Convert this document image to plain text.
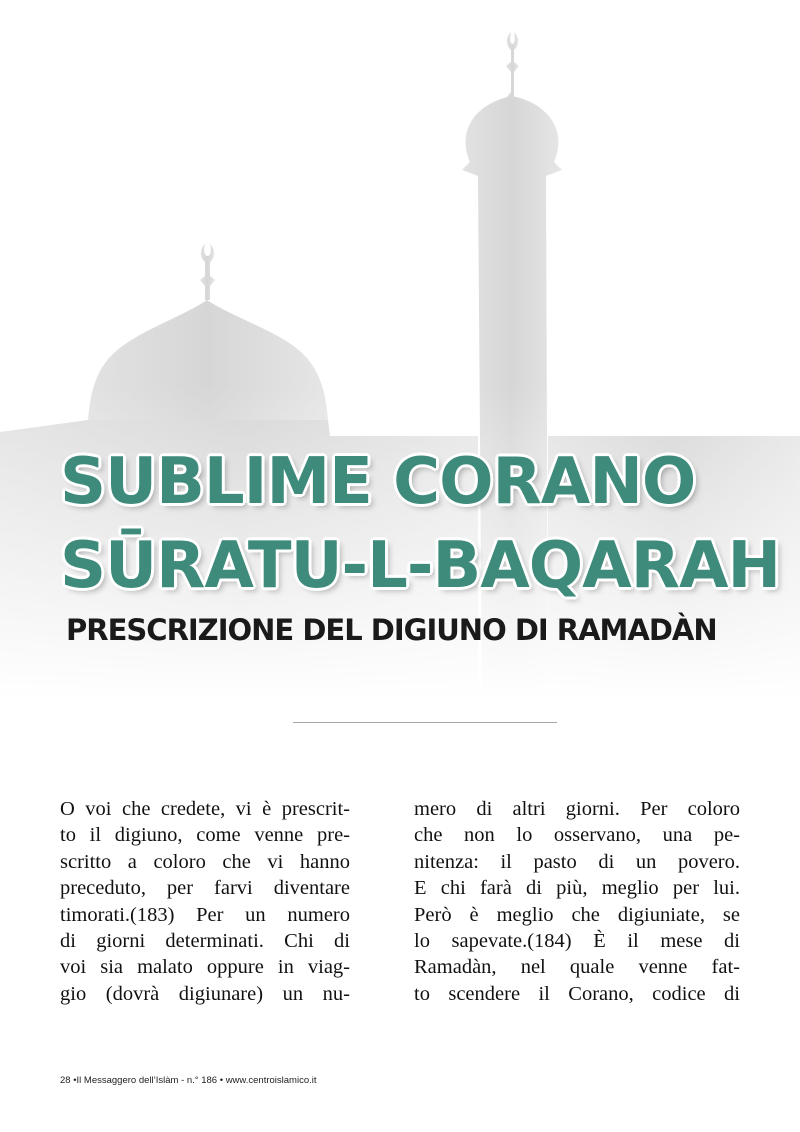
SUBLIME CORANO
SŪRATU-L-BAQARAH
PRESCRIZIONE DEL DIGIUNO DI RAMADÀN
O voi che credete, vi è prescrit-
to il digiuno, come venne pre-
scritto a coloro che vi hanno
preceduto, per farvi diventare
timorati.(183) Per un numero
di giorni determinati. Chi di
voi sia malato oppure in viag-
gio (dovrà digiunare) un nu-
mero di altri giorni. Per coloro
che non lo osservano, una pe-
nitenza: il pasto di un povero.
E chi farà di più, meglio per lui.
Però è meglio che digiuniate, se
lo sapevate.(184) È il mese di
Ramadàn, nel quale venne fat-
to scendere il Corano, codice di
28 •Il Messaggero dell’Islàm - n.° 186 • www.centroislamico.it
